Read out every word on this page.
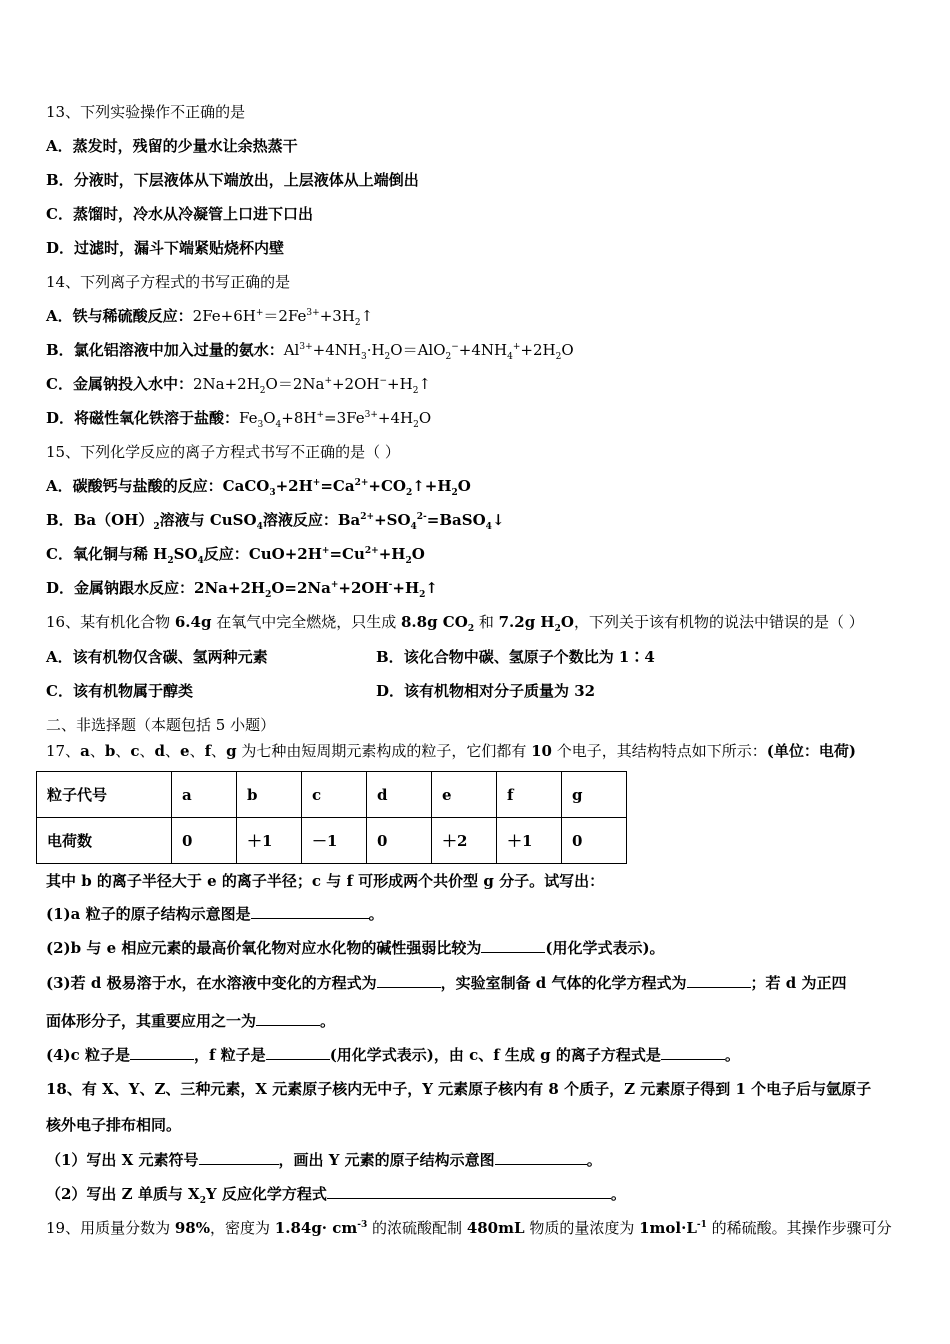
13、下列实验操作不正确的是
A．蒸发时，残留的少量水让余热蒸干
B．分液时，下层液体从下端放出，上层液体从上端倒出
C．蒸馏时，冷水从冷凝管上口进下口出
D．过滤时，漏斗下端紧贴烧杯内壁
14、下列离子方程式的书写正确的是
A．铁与稀硫酸反应：$2Fe+6H^+=2Fe^{3+}+3H_2↑$
B．氯化铝溶液中加入过量的氨水：$Al^{3+}+4NH_3\cdot H_2O=AlO_2^-+4NH_4^++2H_2O$
C．金属钠投入水中：$2Na+2H_2O=2Na^++2OH^-+H_2↑$
D．将磁性氧化铁溶于盐酸：$Fe_3O_4+8H^+=3Fe^{3+}+4H_2O$
15、下列化学反应的离子方程式书写不正确的是（ ）
A．碳酸钙与盐酸的反应：$CaCO_3+2H^+=Ca^{2+}+CO_2↑+H_2O$
B．$Ba(OH)_2$溶液与 CuSO$_4$溶液反应：$Ba^{2+}+SO_4^{2-}=BaSO_4↓$
C．氧化铜与稀 $H_2SO_4$反应：$CuO+2H^+=Cu^{2+}+H_2O$
D．金属钠跟水反应：$2Na+2H_2O=2Na^++2OH^-+H_2↑$
16、某有机化合物 6.4g 在氧气中完全燃烧，只生成 8.8g $CO_2$ 和 7.2g $H_2O$，下列关于该有机物的说法中错误的是（ ）
A．该有机物仅含碳、氢两种元素	B．该化合物中碳、氢原子个数比为 1∶4
C．该有机物属于醇类	D．该有机物相对分子质量为 32
二、非选择题（本题包括 5 小题）
17、a、b、c、d、e、f、g 为七种由短周期元素构成的粒子，它们都有 10 个电子，其结构特点如下所示：(单位：电荷)
粒子代号	a	b	c	d	e	f	g
电荷数	0	＋1	－1	0	＋2	＋1	0
其中 b 的离子半径大于 e 的离子半径；c 与 f 可形成两个共价型 g 分子。试写出：
(1)a 粒子的原子结构示意图是	。
(2)b 与 e 相应元素的最高价氧化物对应水化物的碱性强弱比较为	(用化学式表示)。
(3)若 d 极易溶于水，在水溶液中变化的方程式为	，实验室制备 d 气体的化学方程式为	；若 d 为正四
面体形分子，其重要应用之一为	。
(4)c 粒子是	，f 粒子是	(用化学式表示)，由 c、f 生成 g 的离子方程式是	。
18、有 X、Y、Z、三种元素，X 元素原子核内无中子，Y 元素原子核内有 8 个质子，Z 元素原子得到 1 个电子后与氩原子
核外电子排布相同。
（1）写出 X 元素符号	，画出 Y 元素的原子结构示意图	。
（2）写出 Z 单质与 $X_2Y$ 反应化学方程式	。
19、用质量分数为 98%，密度为 $1.84g\cdot cm^{-3}$ 的浓硫酸配制 480mL 物质的量浓度为 $1mol\cdot L^{-1}$ 的稀硫酸。其操作步骤可分
